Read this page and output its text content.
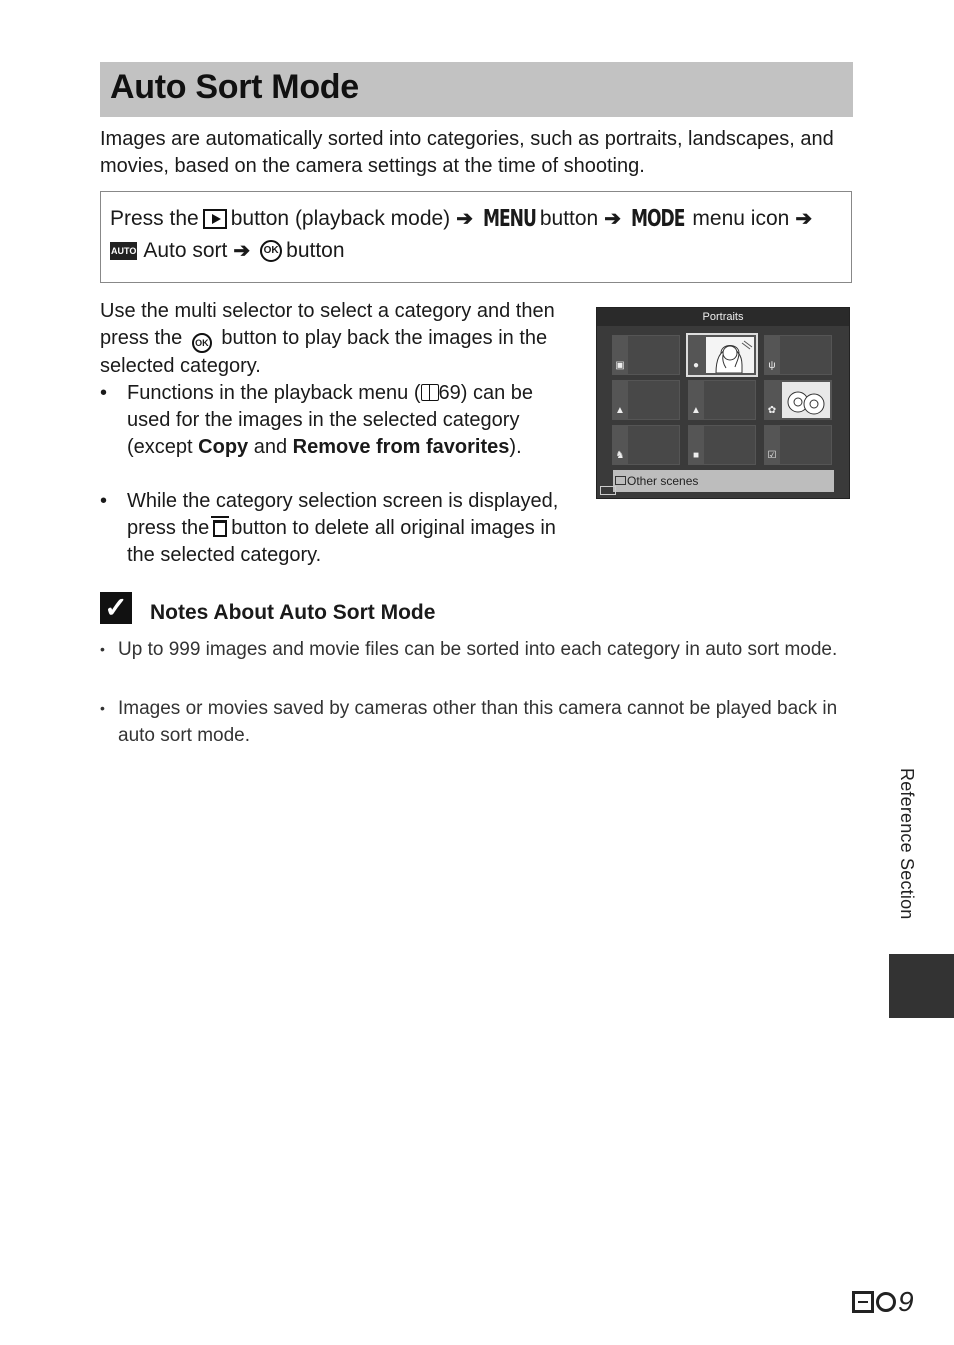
Auto Sort Mode

Images are automatically sorted into categories, such as portraits, landscapes, and movies, based on the camera settings at the time of shooting.

Press the button (playback mode) ➔ MENU button ➔ MODE menu icon ➔
AUTO Auto sort ➔	OK button
Use the multi selector to select a category and then press the OK button to play back the images in the selected category.
• Functions in the playback menu ( 69) can be used for the images in the selected category (except Copy and Remove from favorites).
• While the category selection screen is displayed, press the button to delete all original images in the selected category.
Portraits
▣	●	ψ
▲	▲	✿
♞	■	☑
Other scenes
✓ Notes About Auto Sort Mode
• Up to 999 images and movie files can be sorted into each category in auto sort mode.
• Images or movies saved by cameras other than this camera cannot be played back in auto sort mode.
Reference Section
9
